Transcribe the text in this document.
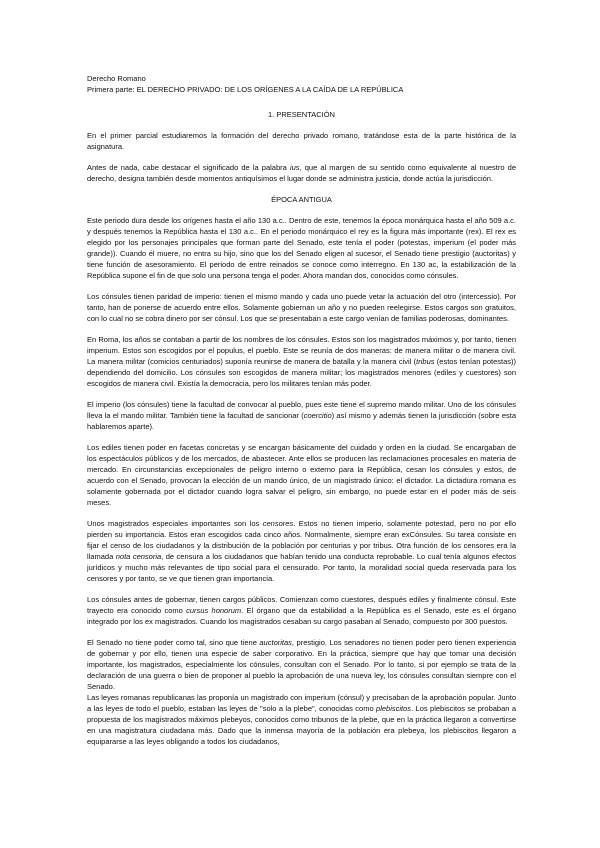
Derecho Romano
Primera parte: EL DERECHO PRIVADO: DE LOS ORÍGENES A LA CAÍDA DE LA REPÚBLICA
1. PRESENTACIÓN

En el primer parcial estudiaremos la formación del derecho privado romano, tratándose esta de la parte histórica de la asignatura.

Antes de nada, cabe destacar el significado de la palabra ius, que al margen de su sentido como equivalente al nuestro de derecho, designa también desde momentos antiquísimos el lugar donde se administra justicia, donde actúa la jurisdicción.

ÉPOCA ANTIGUA

Este periodo dura desde los orígenes hasta el año 130 a.c.. Dentro de este, tenemos la época monárquica hasta el año 509 a.c. y después tenemos la República hasta el 130 a.c.. En el periodo monárquico el rey es la figura más importante (rex). El rex es elegido por los personajes principales que forman parte del Senado, este tenía el poder (potestas, imperium (el poder más grande)). Cuando él muere, no entra su hijo, sino que los del Senado eligen al sucesor, el Senado tiene prestigio (auctoritas) y tiene función de asesoramiento. El periodo de entre reinados se conoce como interregno. En 130 ac, la estabilización de la República supone el fin de que solo una persona tenga el poder. Ahora mandan dos, conocidos como cónsules.

Los cónsules tienen paridad de imperio: tienen el mismo mando y cada uno puede vetar la actuación del otro (intercessio). Por tanto, han de ponerse de acuerdo entre ellos. Solamente gobiernan un año y no pueden reelegirse. Estos cargos son gratuitos, con lo cual no se cobra dinero por ser cónsul. Los que se presentaban a este cargo venían de familias poderosas, dominantes.

En Roma, los años se contaban a partir de los nombres de los cónsules. Estos son los magistrados máximos y, por tanto, tienen imperium. Estos son escogidos por el populus, el pueblo. Este se reunía de dos maneras: de manera militar o de manera civil. La manera militar (comicios centuriados) suponía reunirse de manera de batalla y la manera civil (tribus (estos tenían potestas)) dependiendo del domicilio. Los cónsules son escogidos de manera militar; los magistrados menores (ediles y cuestores) son escogidos de manera civil. Existía la democracia, pero los militares tenían más poder.

El imperio (los cónsules) tiene la facultad de convocar al pueblo, pues este tiene el supremo mando militar. Uno de los cónsules lleva la el mando militar. También tiene la facultad de sancionar (coercitio) así mismo y además tienen la jurisdicción (sobre esta hablaremos aparte).

Los ediles tienen poder en facetas concretas y se encargan básicamente del cuidado y orden en la ciudad. Se encargaban de los espectáculos públicos y de los mercados, de abastecer. Ante ellos se producen las reclamaciones procesales en materia de mercado. En circunstancias excepcionales de peligro interno o externo para la República, cesan los cónsules y estos, de acuerdo con el Senado, provocan la elección de un mando único, de un magistrado único: el dictador. La dictadura romana es solamente gobernada por el dictador cuando logra salvar el peligro, sin embargo, no puede estar en el poder más de seis meses.

Unos magistrados especiales importantes son los censores. Estos no tienen imperio, solamente potestad, pero no por ello pierden su importancia. Estos eran escogidos cada cinco años. Normalmente, siempre eran exCónsules. Su tarea consiste en fijar el censo de los ciudadanos y la distribución de la población por centurias y por tribus. Otra función de los censores era la llamada nota censoria, de censura a los ciudadanos que habían tenido una conducta reprobable. Lo cual tenía algunos efectos jurídicos y mucho más relevantes de tipo social para el censurado. Por tanto, la moralidad social queda reservada para los censores y por tanto, se ve que tienen gran importancia.

Los cónsules antes de gobernar, tienen cargos públicos. Comienzan como cuestores, después ediles y finalmente cónsul. Este trayecto era conocido como cursus honorum. El órgano que da estabilidad a la República es el Senado, este es el órgano integrado por los ex magistrados. Cuando los magistrados cesaban su cargo pasaban al Senado, compuesto por 300 puestos.

El Senado no tiene poder como tal, sino que tiene auctoritas, prestigio. Los senadores no tienen poder pero tienen experiencia de gobernar y por ello, tienen una especie de saber corporativo. En la práctica, siempre que hay que tomar una decisión importante, los magistrados, especialmente los cónsules, consultan con el Senado. Por lo tanto, si por ejemplo se trata de la declaración de una guerra o bien de proponer al pueblo la aprobación de una nueva ley, los cónsules consultan siempre con el Senado.

Las leyes romanas republicanas las proponía un magistrado con imperium (cónsul) y precisaban de la aprobación popular. Junto a las leyes de todo el pueblo, estaban las leyes de "solo a la plebe", conocidas como plebiscitos. Los plebiscitos se probaban a propuesta de los magistrados máximos plebeyos, conocidos como tribunos de la plebe, que en la práctica llegaron a convertirse en una magistratura ciudadana más. Dado que la inmensa mayoría de la población era plebeya, los plebiscitos llegaron a equipararse a las leyes obligando a todos los ciudadanos,
